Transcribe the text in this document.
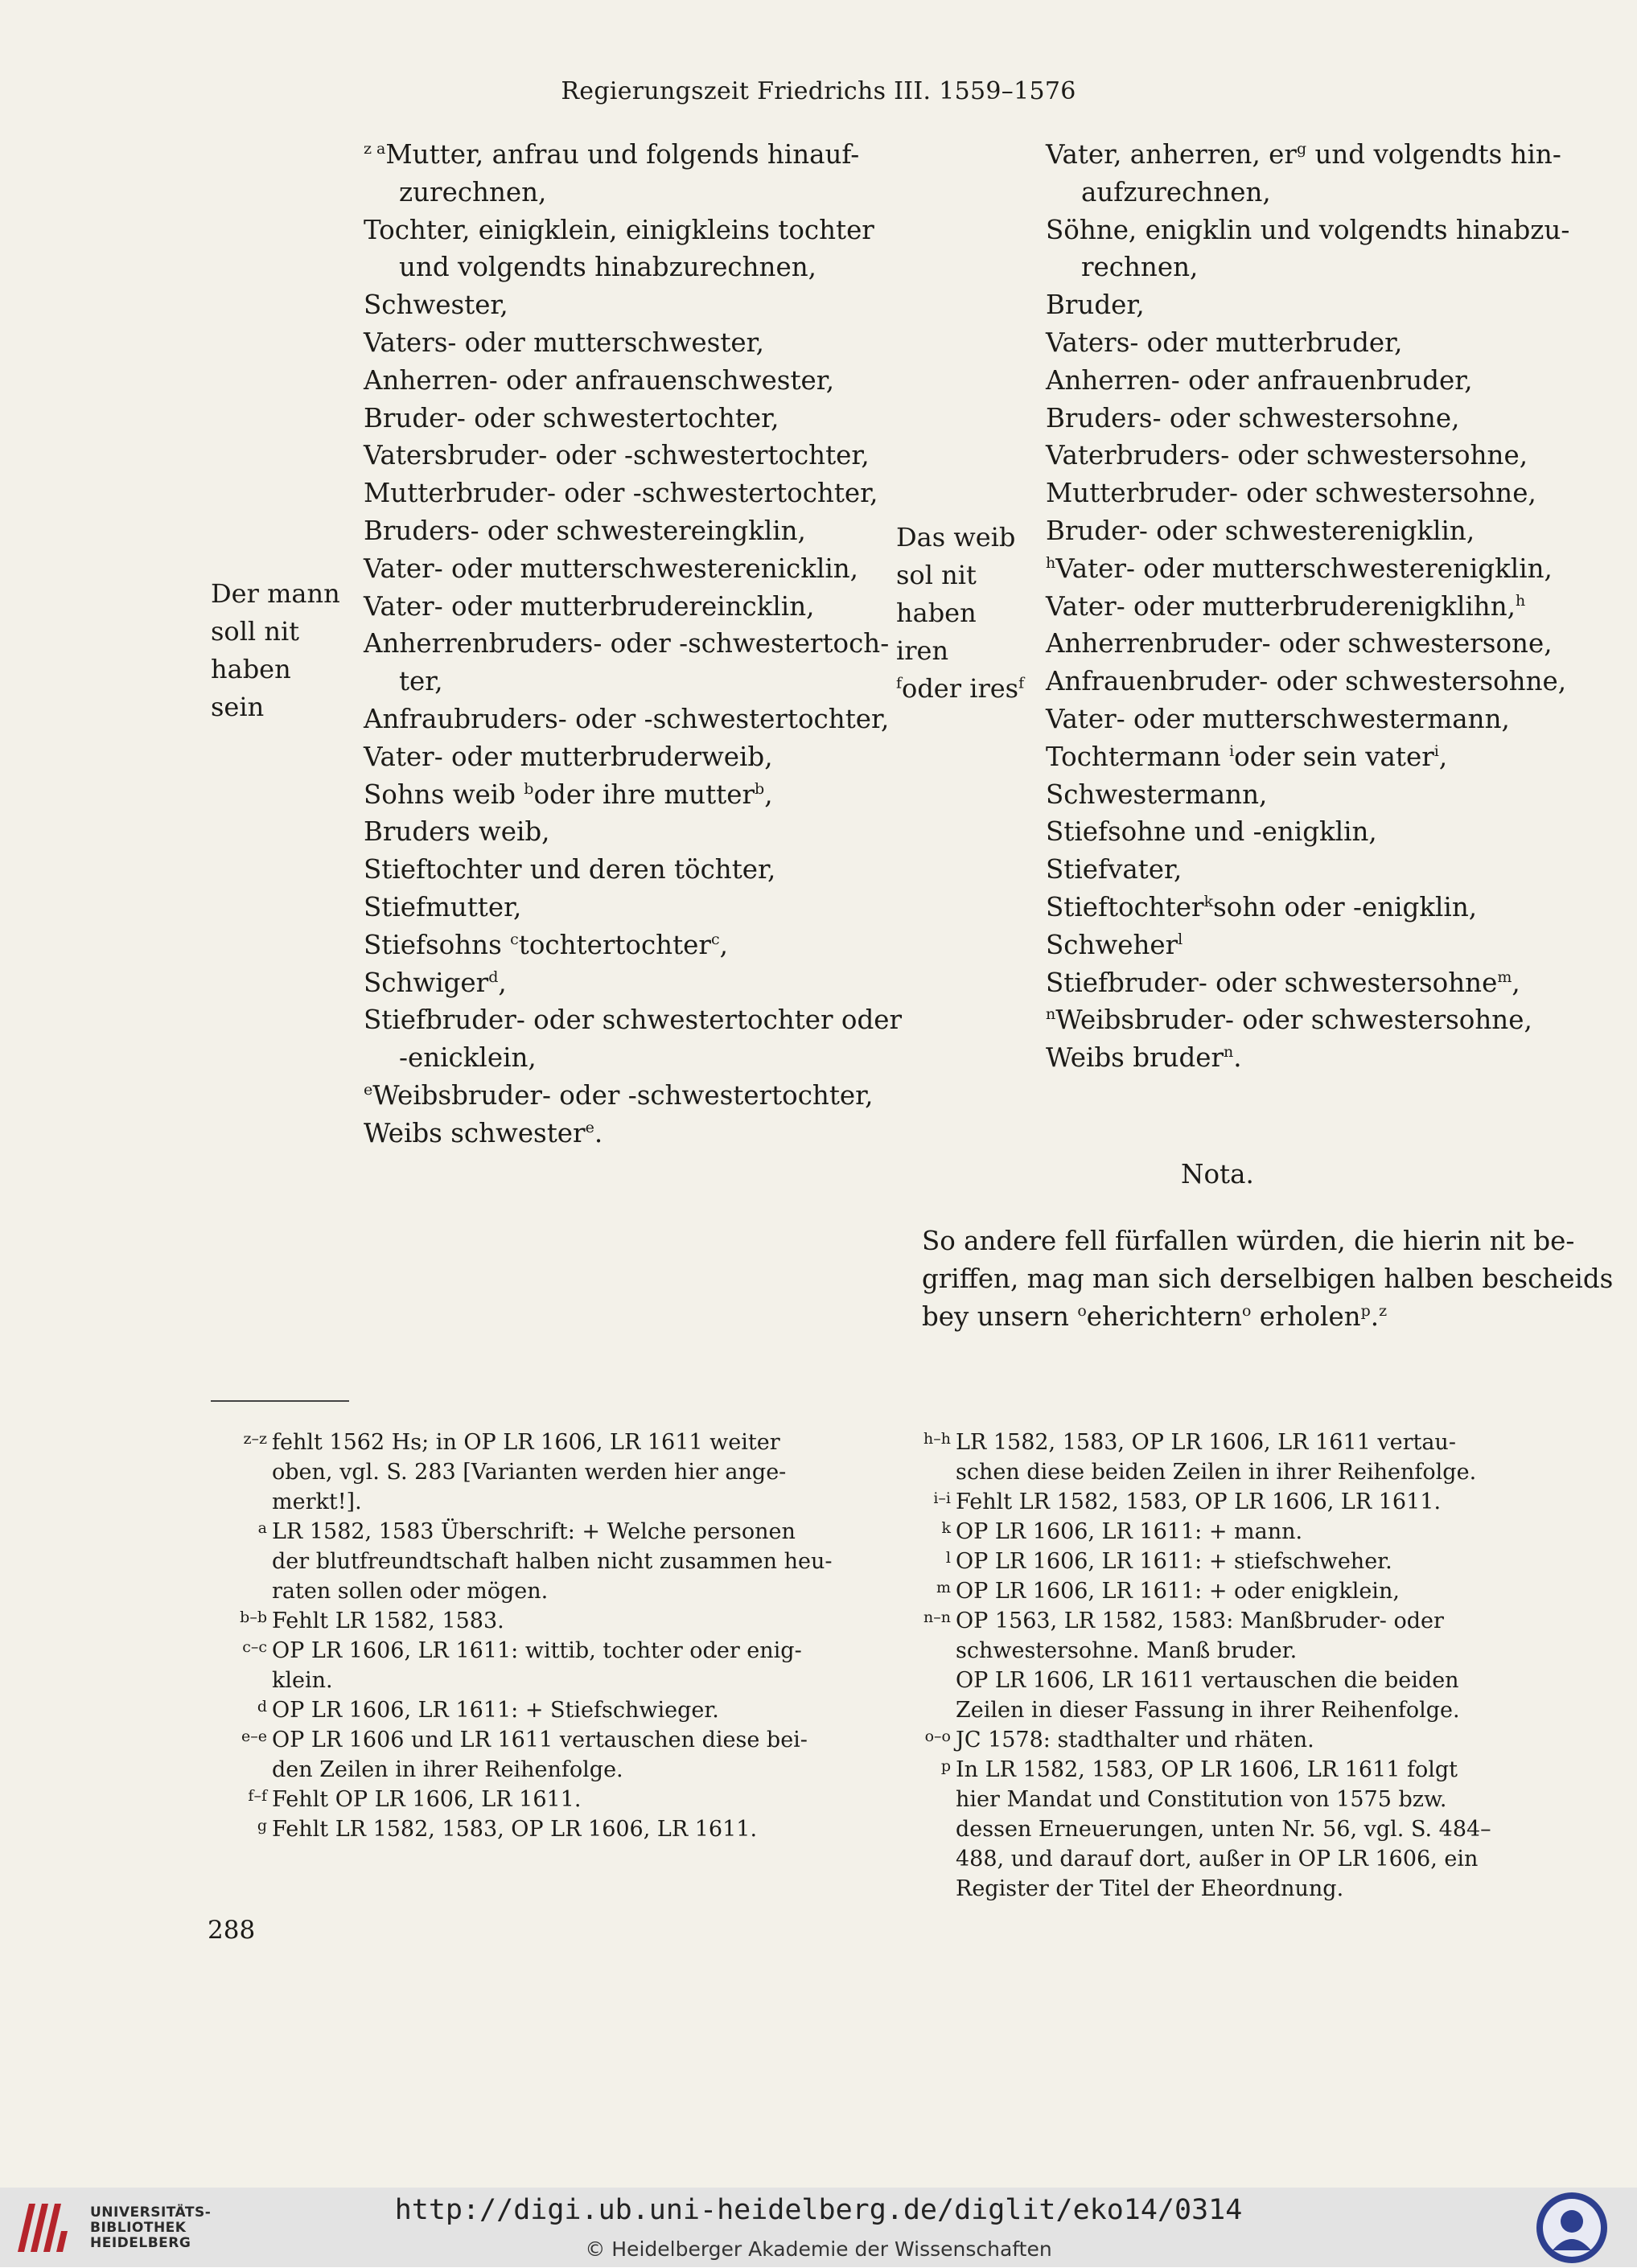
Regierungszeit Friedrichs III. 1559–1576
Der mann
soll nit
haben
sein
$^{z a}$Mutter, anfrau und folgends hinauf-
zurechnen,
Tochter, einigklein, einigkleins tochter
und volgendts hinabzurechnen,
Schwester,
Vaters- oder mutterschwester,
Anherren- oder anfrauenschwester,
Bruder- oder schwestertochter,
Vatersbruder- oder -schwestertochter,
Mutterbruder- oder -schwestertochter,
Bruders- oder schwestereingklin,
Vater- oder mutterschwesterenicklin,
Vater- oder mutterbrudereincklin,
Anherrenbruders- oder -schwestertoch-
ter,
Anfraubruders- oder -schwestertochter,
Vater- oder mutterbruderweib,
Sohns weib $^b$oder ihre mutter$^b$,
Bruders weib,
Stieftochter und deren töchter,
Stiefmutter,
Stiefsohns $^c$tochtertochter$^c$,
Schwiger$^d$,
Stiefbruder- oder schwestertochter oder
-enicklein,
$^e$Weibsbruder- oder -schwestertochter,
Weibs schwester$^e$.
Das weib
sol nit
haben
iren
$^f$oder ires$^f$
Vater, anherren, $er^g$ und volgendts hin-
aufzurechnen,
Söhne, enigklin und volgendts hinabzu-
rechnen,
Bruder,
Vaters- oder mutterbruder,
Anherren- oder anfrauenbruder,
Bruders- oder schwestersohne,
Vaterbruders- oder schwestersohne,
Mutterbruder- oder schwestersohne,
Bruder- oder schwesterenigklin,
$^h$Vater- oder mutterschwesterenigklin,
Vater- oder mutterbruderenigklihn,$^h$
Anherrenbruder- oder schwestersone,
Anfrauenbruder- oder schwestersohne,
Vater- oder mutterschwestermann,
Tochtermann $^i$oder sein vater$^i$,
Schwestermann,
Stiefsohne und -enigklin,
Stiefvater,
Stieftochter$^k$sohn oder -enigklin,
Schweher$^l$
Stiefbruder- oder schwestersohne$^m$,
$^n$Weibsbruder- oder schwestersohne,
Weibs bruder$^n$.
Nota.
So andere fell fürfallen würden, die hierin nit be-
griffen, mag man sich derselbigen halben bescheids
bey unsern $^o$eherichtern$^o$ erholen$^p$.$^z$
z–z fehlt 1562 Hs; in OP LR 1606, LR 1611 weiter
oben, vgl. S. 283 [Varianten werden hier ange-
merkt!].
a LR 1582, 1583 Überschrift: + Welche personen
der blutfreundtschaft halben nicht zusammen heu-
raten sollen oder mögen.
b–b Fehlt LR 1582, 1583.
c–c OP LR 1606, LR 1611: wittib, tochter oder enig-
klein.
d OP LR 1606, LR 1611: + Stiefschwieger.
e–e OP LR 1606 und LR 1611 vertauschen diese bei-
den Zeilen in ihrer Reihenfolge.
f–f Fehlt OP LR 1606, LR 1611.
g Fehlt LR 1582, 1583, OP LR 1606, LR 1611.
h–h LR 1582, 1583, OP LR 1606, LR 1611 vertau-
schen diese beiden Zeilen in ihrer Reihenfolge.
i–i Fehlt LR 1582, 1583, OP LR 1606, LR 1611.
k OP LR 1606, LR 1611: + mann.
l OP LR 1606, LR 1611: + stiefschweher.
m OP LR 1606, LR 1611: + oder enigklein,
n–n OP 1563, LR 1582, 1583: Manßbruder- oder
schwestersohne. Manß bruder.
OP LR 1606, LR 1611 vertauschen die beiden
Zeilen in dieser Fassung in ihrer Reihenfolge.
o–o JC 1578: stadthalter und rhäten.
p In LR 1582, 1583, OP LR 1606, LR 1611 folgt
hier Mandat und Constitution von 1575 bzw.
dessen Erneuerungen, unten Nr. 56, vgl. S. 484–
488, und darauf dort, außer in OP LR 1606, ein
Register der Titel der Eheordnung.
288
UNIVERSITÄTS-
BIBLIOTHEK
HEIDELBERG
http://digi.ub.uni-heidelberg.de/diglit/eko14/0314
© Heidelberger Akademie der Wissenschaften
